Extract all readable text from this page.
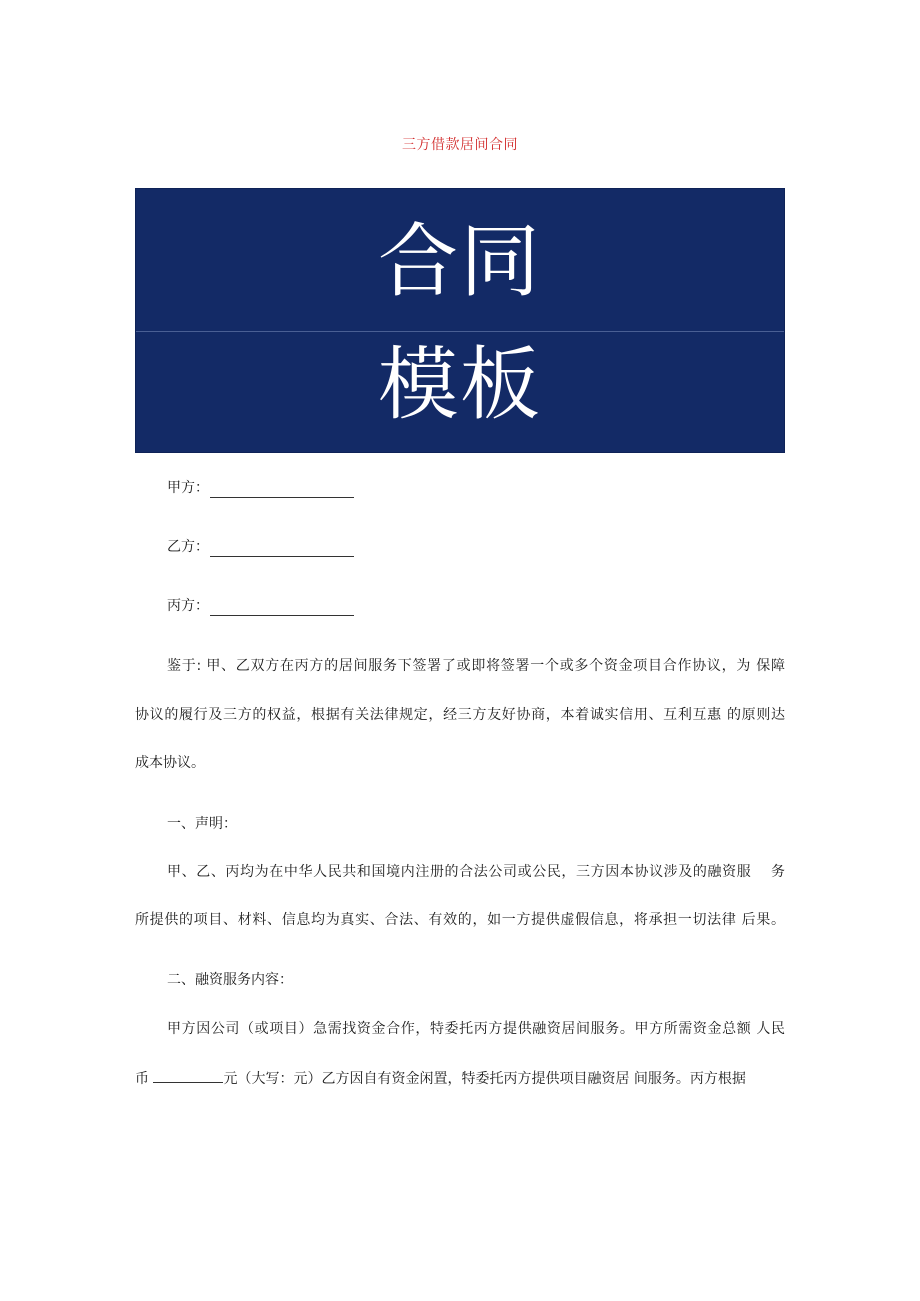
三方借款居间合同
合同
模板
甲方：
乙方：
丙方：
鉴于: 甲、乙双方在丙方的居间服务下签署了或即将签署一个或多个资金项目合作协议，为 保障
协议的履行及三方的权益，根据有关法律规定，经三方友好协商，本着诚实信用、互利互惠 的原则达
成本协议。
一、声明：
甲、乙、丙均为在中华人民共和国境内注册的合法公司或公民，三方因本协议涉及的融资服　 务
所提供的项目、材料、信息均为真实、合法、有效的，如一方提供虚假信息，将承担一切法律 后果。
二、融资服务内容：
甲方因公司（或项目）急需找资金合作，特委托丙方提供融资居间服务。甲方所需资金总额 人民
币	元（大写：元）乙方因自有资金闲置，特委托丙方提供项目融资居 间服务。丙方根据
